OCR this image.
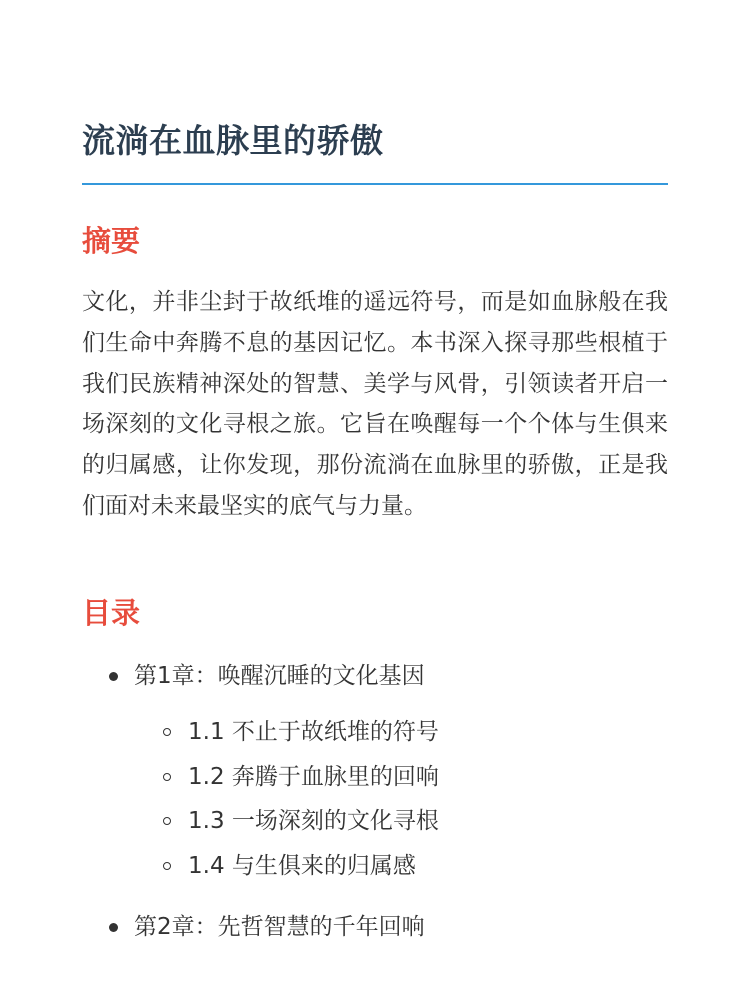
流淌在血脉里的骄傲
摘要

文化，并非尘封于故纸堆的遥远符号，而是如血脉般在我们生命中奔腾不息的基因记忆。本书深入探寻那些根植于我们民族精神深处的智慧、美学与风骨，引领读者开启一场深刻的文化寻根之旅。它旨在唤醒每一个个体与生俱来的归属感，让你发现，那份流淌在血脉里的骄傲，正是我们面对未来最坚实的底气与力量。

目录
第1章：唤醒沉睡的文化基因
1.1 不止于故纸堆的符号
1.2 奔腾于血脉里的回响
1.3 一场深刻的文化寻根
1.4 与生俱来的归属感
第2章：先哲智慧的千年回响
